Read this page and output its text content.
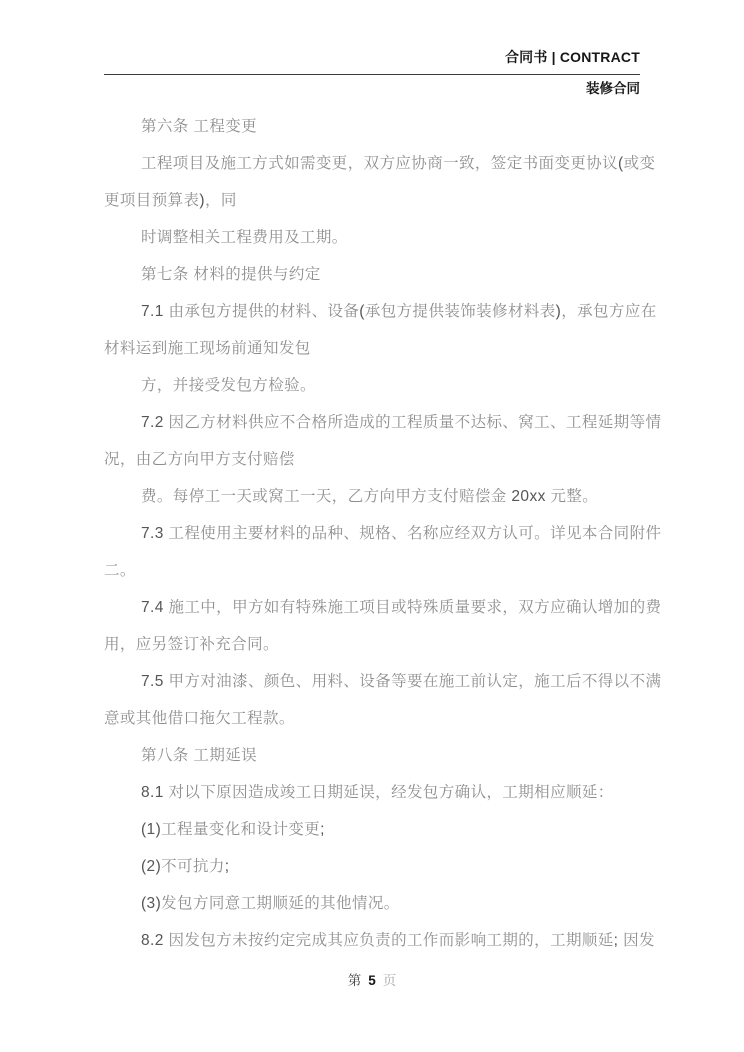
合同书 | CONTRACT
装修合同
第六条 工程变更
工程项目及施工方式如需变更，双方应协商一致，签定书面变更协议(或变
更项目预算表)，同
时调整相关工程费用及工期。
第七条 材料的提供与约定
7.1 由承包方提供的材料、设备(承包方提供装饰装修材料表)，承包方应在
材料运到施工现场前通知发包
方，并接受发包方检验。
7.2 因乙方材料供应不合格所造成的工程质量不达标、窝工、工程延期等情
况，由乙方向甲方支付赔偿
费。每停工一天或窝工一天，乙方向甲方支付赔偿金 20xx 元整。
7.3 工程使用主要材料的品种、规格、名称应经双方认可。详见本合同附件
二。
7.4 施工中，甲方如有特殊施工项目或特殊质量要求，双方应确认增加的费
用，应另签订补充合同。
7.5 甲方对油漆、颜色、用料、设备等要在施工前认定，施工后不得以不满
意或其他借口拖欠工程款。
第八条 工期延误
8.1 对以下原因造成竣工日期延误，经发包方确认，工期相应顺延：
(1)工程量变化和设计变更;
(2)不可抗力;
(3)发包方同意工期顺延的其他情况。
8.2 因发包方未按约定完成其应负责的工作而影响工期的，工期顺延; 因发
第 5 页
